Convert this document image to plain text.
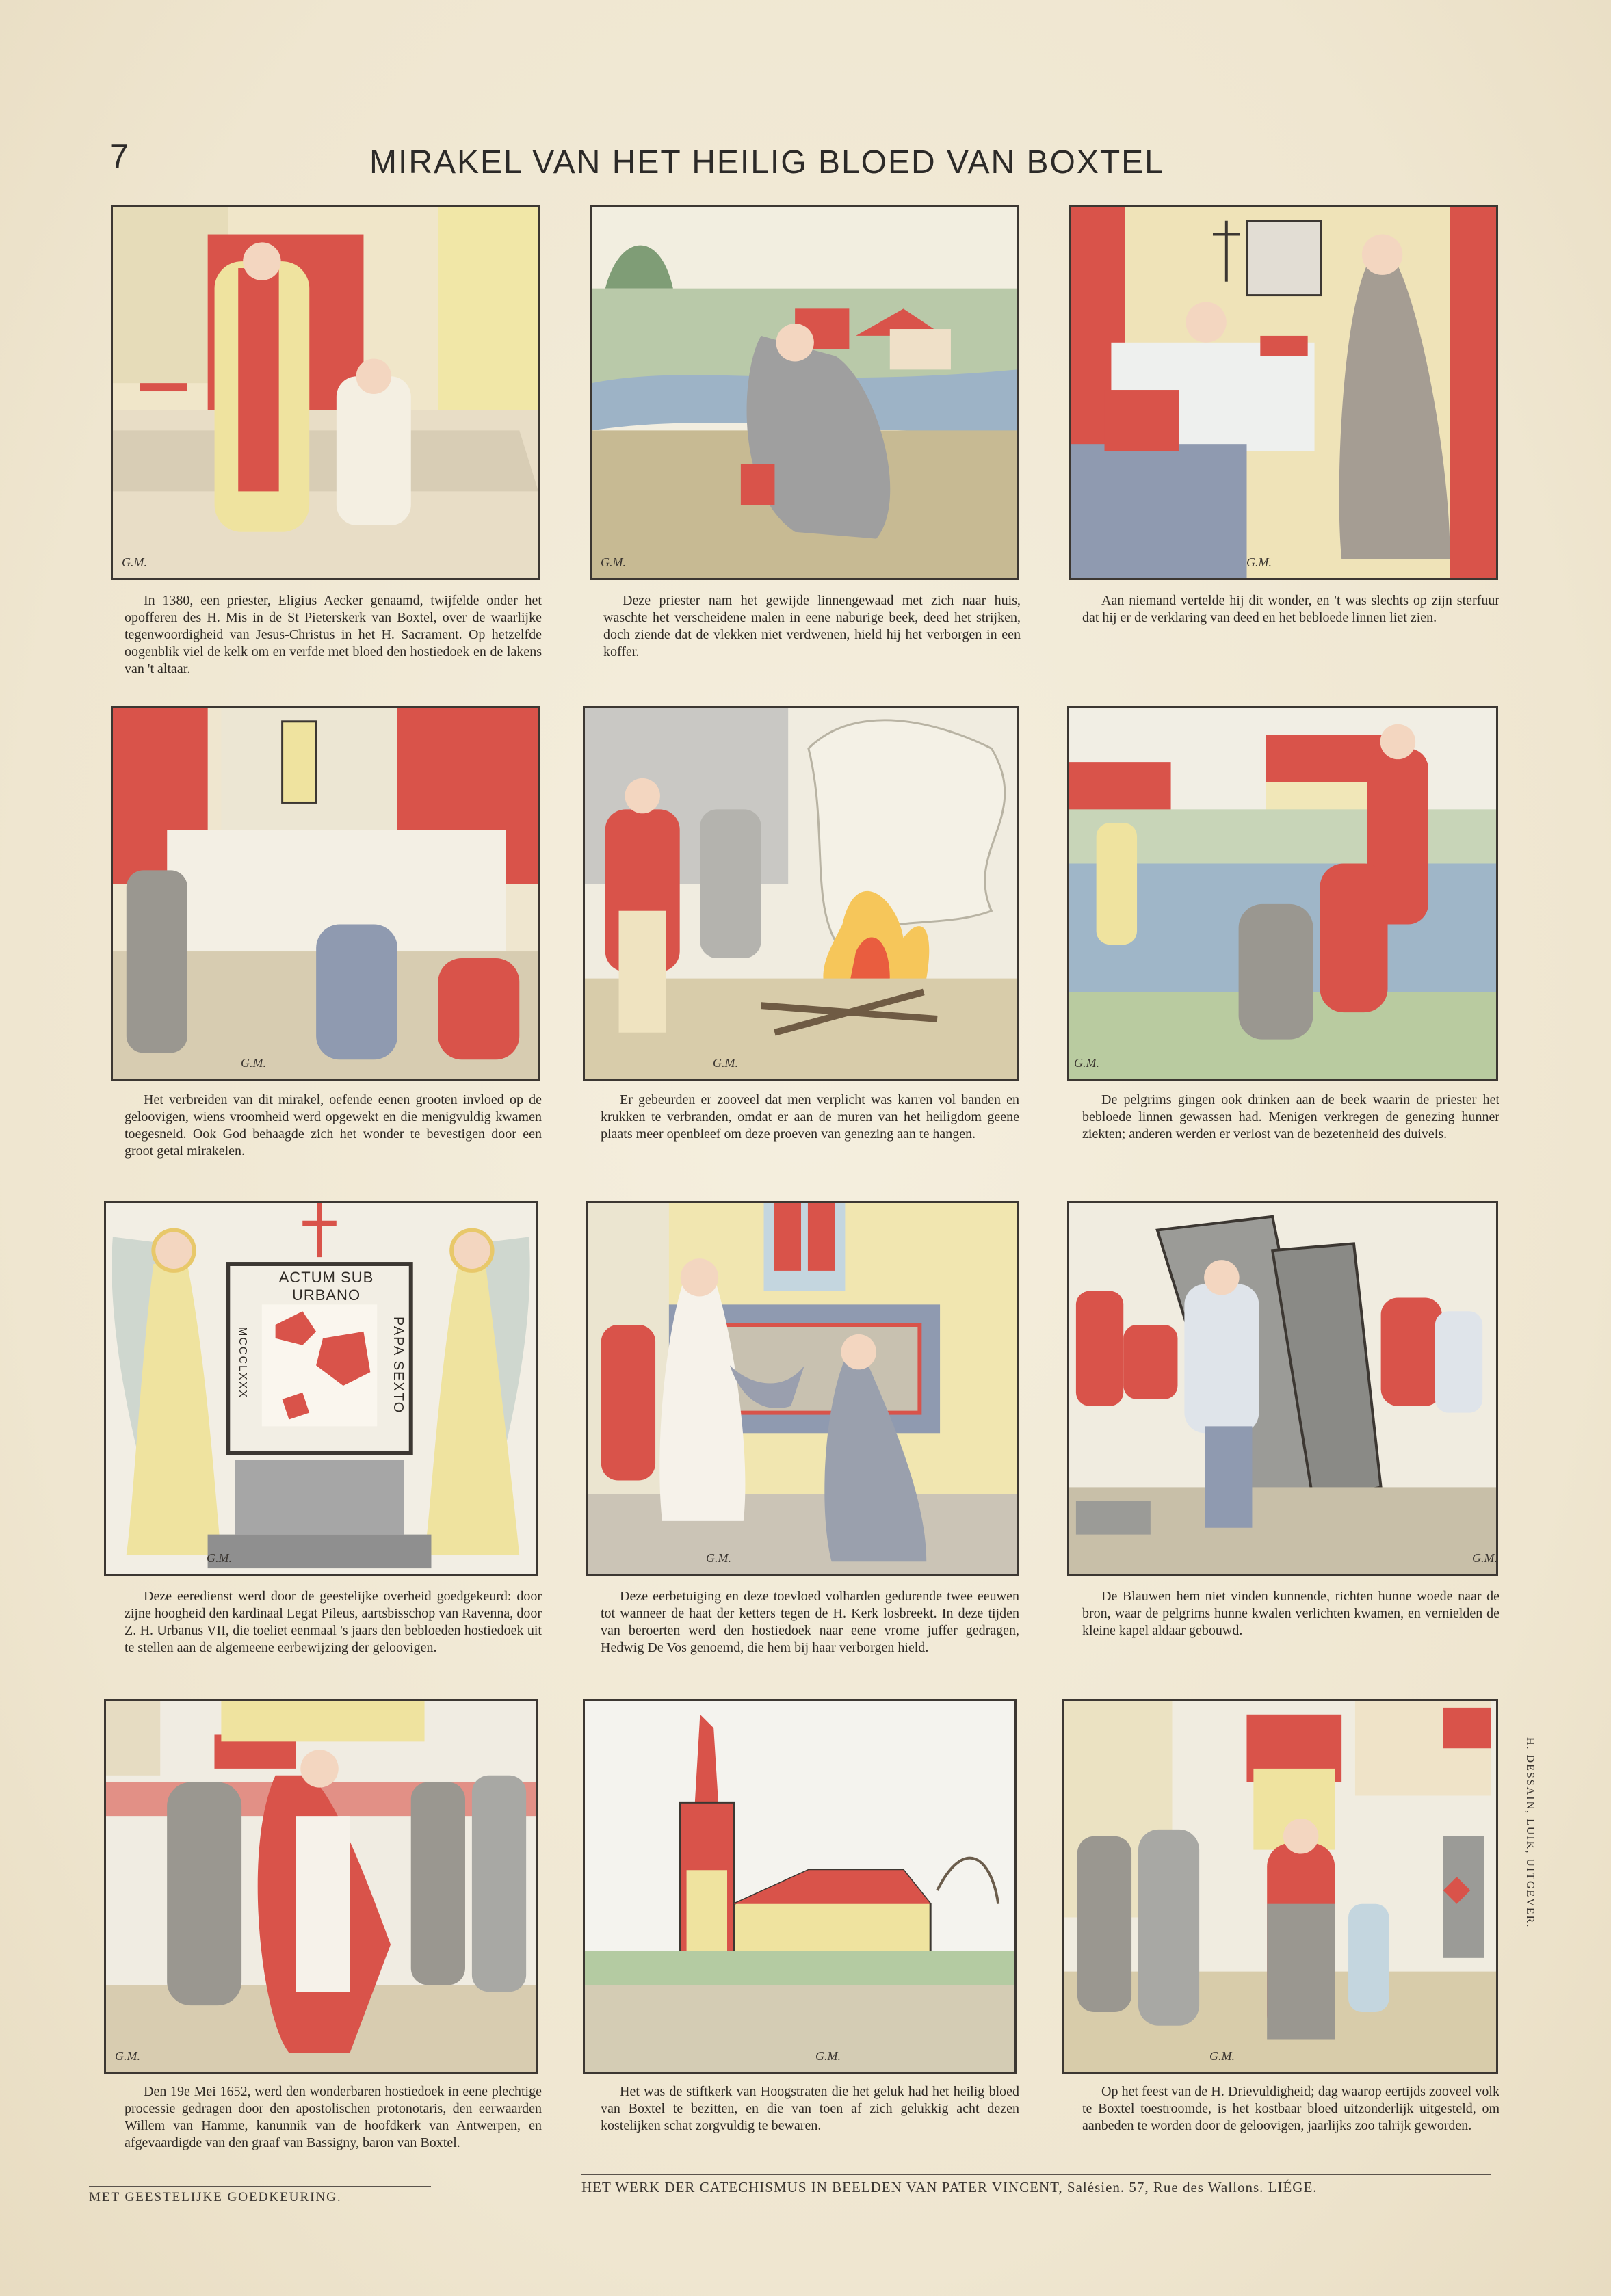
7	MIRAKEL VAN HET HEILIG BLOED VAN BOXTEL
G.M.	G.M.	G.M.

In 1380, een priester, Eligius Aecker genaamd, twijfelde onder het opofferen des H. Mis in de St Pieterskerk van Boxtel, over de waarlijke tegenwoordigheid van Jesus-Christus in het H. Sacrament. Op hetzelfde oogenblik viel de kelk om en verfde met bloed den hostiedoek en de lakens van 't altaar.

Deze priester nam het gewijde linnengewaad met zich naar huis, waschte het verscheidene malen in eene naburige beek, deed het strijken, doch ziende dat de vlekken niet verdwenen, hield hij het verborgen in een koffer.

Aan niemand vertelde hij dit wonder, en 't was slechts op zijn sterfuur dat hij er de verklaring van deed en het bebloede linnen liet zien.

G.M.	G.M.	G.M.

Het verbreiden van dit mirakel, oefende eenen grooten invloed op de geloovigen, wiens vroomheid werd opgewekt en die menigvuldig kwamen toegesneld. Ook God behaagde zich het wonder te bevestigen door een groot getal mirakelen.

Er gebeurden er zooveel dat men verplicht was karren vol banden en krukken te verbranden, omdat er aan de muren van het heiligdom geene plaats meer openbleef om deze proeven van genezing aan te hangen.

De pelgrims gingen ook drinken aan de beek waarin de priester het bebloede linnen gewassen had. Menigen verkregen de genezing hunner ziekten; anderen werden er verlost van de bezetenheid des duivels.

ACTUM SUB URBANO
PAPA SEXTO
MCCCLXXX
G.M.	G.M.	G.M.

Deze eeredienst werd door de geestelijke overheid goedgekeurd: door zijne hoogheid den kardinaal Legat Pileus, aartsbisschop van Ravenna, door Z. H. Urbanus VII, die toeliet eenmaal 's jaars den bebloeden hostiedoek uit te stellen aan de algemeene eerbewijzing der geloovigen.

Deze eerbetuiging en deze toevloed volharden gedurende twee eeuwen tot wanneer de haat der ketters tegen de H. Kerk losbreekt. In deze tijden van beroerten werd den hostiedoek naar eene vrome juffer gedragen, Hedwig De Vos genoemd, die hem bij haar verborgen hield.

De Blauwen hem niet vinden kunnende, richten hunne woede naar de bron, waar de pelgrims hunne kwalen verlichten kwamen, en vernielden de kleine kapel aldaar gebouwd.

G.M.	G.M.	G.M.

Den 19e Mei 1652, werd den wonderbaren hostiedoek in eene plechtige processie gedragen door den apostolischen protonotaris, den eerwaarden Willem van Hamme, kanunnik van de hoofdkerk van Antwerpen, en afgevaardigde van den graaf van Bassigny, baron van Boxtel.

Het was de stiftkerk van Hoogstraten die het geluk had het heilig bloed van Boxtel te bezitten, en die van toen af zich gelukkig acht dezen kostelijken schat zorgvuldig te bewaren.

Op het feest van de H. Drievuldigheid; dag waarop eertijds zooveel volk te Boxtel toestroomde, is het kostbaar bloed uitzonderlijk uitgesteld, om aanbeden te worden door de geloovigen, jaarlijks zoo talrijk geworden.

MET GEESTELIJKE GOEDKEURING.
HET WERK DER CATECHISMUS IN BEELDEN VAN PATER VINCENT, Salésien. 57, Rue des Wallons. LIÉGE.
H. DESSAIN, LUIK, UITGEVER.
